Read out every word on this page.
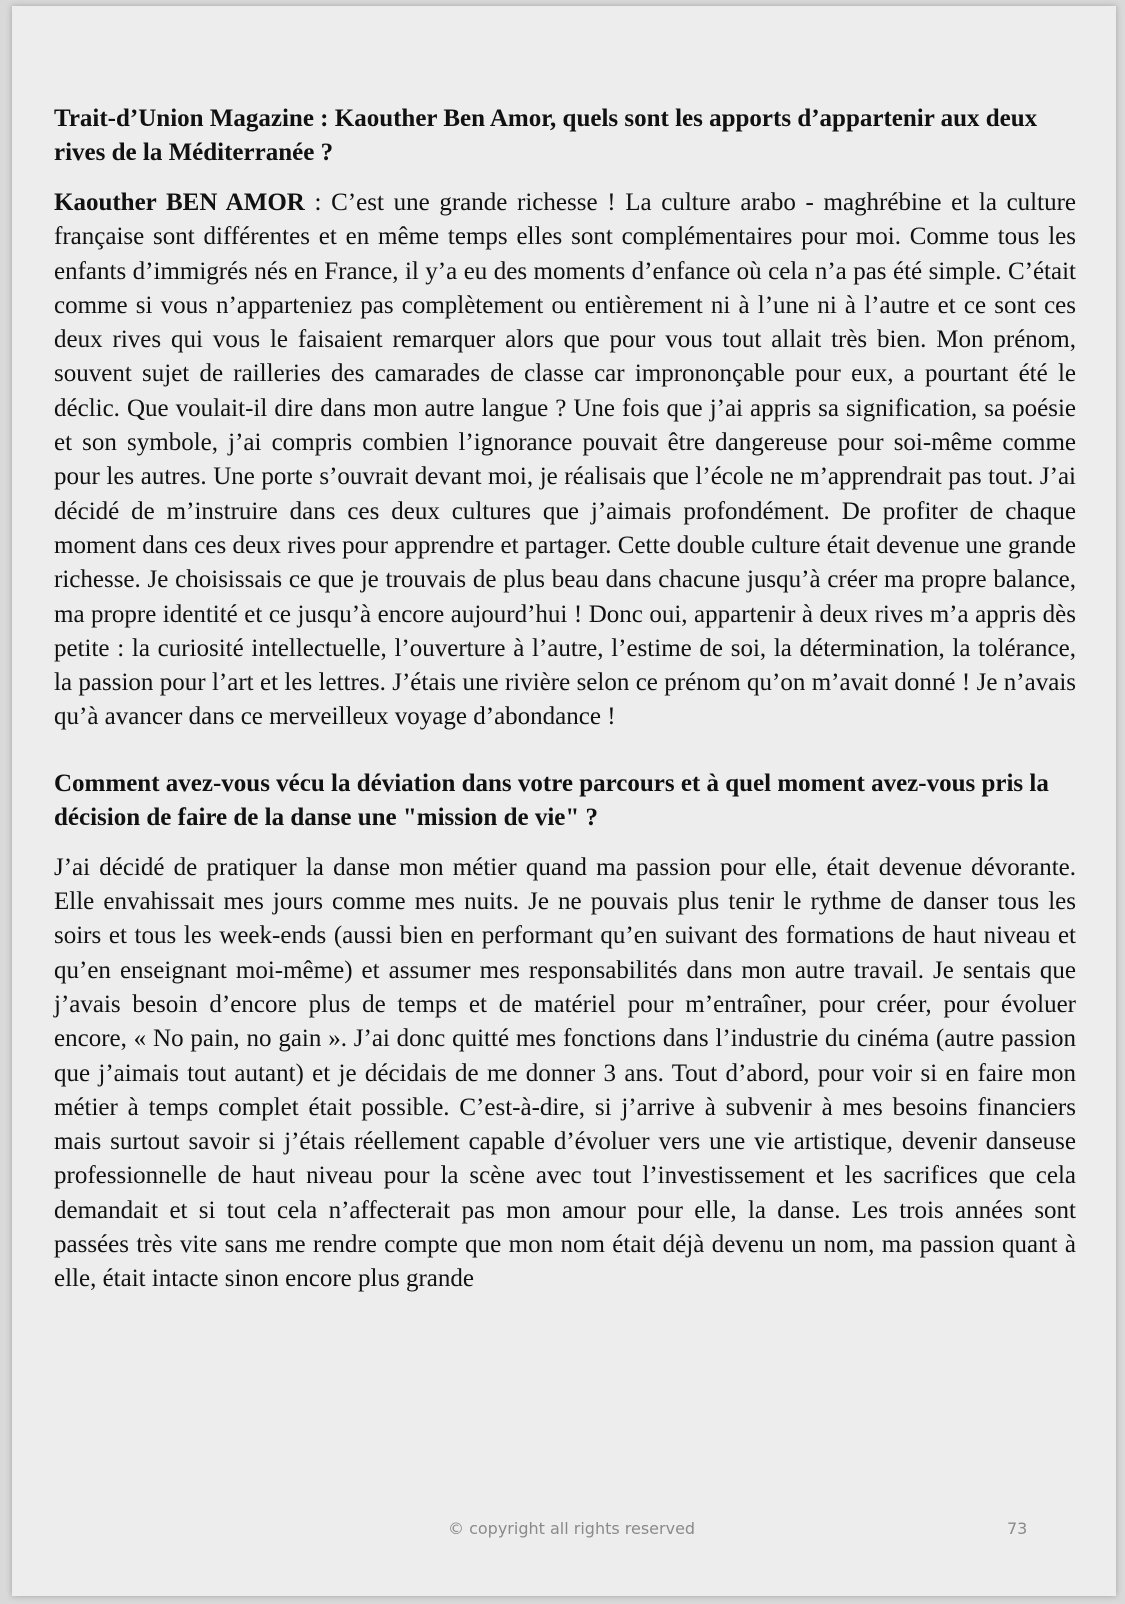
Trait-d’Union Magazine : Kaouther Ben Amor, quels sont les apports d’appartenir aux deux rives de la Méditerranée ?

Kaouther BEN AMOR : C’est une grande richesse ! La culture arabo - maghrébine et la culture française sont différentes et en même temps elles sont complémentaires pour moi. Comme tous les enfants d’immigrés nés en France, il y’a eu des moments d’enfance où cela n’a pas été simple. C’était comme si vous n’apparteniez pas complètement ou entièrement ni à l’une ni à l’autre et ce sont ces deux rives qui vous le faisaient remarquer alors que pour vous tout allait très bien. Mon prénom, souvent sujet de railleries des camarades de classe car imprononçable pour eux, a pourtant été le déclic. Que voulait-il dire dans mon autre langue ? Une fois que j’ai appris sa signification, sa poésie et son symbole, j’ai compris combien l’ignorance pouvait être dangereuse pour soi-même comme pour les autres. Une porte s’ouvrait devant moi, je réalisais que l’école ne m’apprendrait pas tout. J’ai décidé de m’instruire dans ces deux cultures que j’aimais profondément. De profiter de chaque moment dans ces deux rives pour apprendre et partager. Cette double culture était devenue une grande richesse. Je choisissais ce que je trouvais de plus beau dans chacune jusqu’à créer ma propre balance, ma propre identité et ce jusqu’à encore aujourd’hui ! Donc oui, appartenir à deux rives m’a appris dès petite : la curiosité intellectuelle, l’ouverture à l’autre, l’estime de soi, la détermination, la tolérance, la passion pour l’art et les lettres. J’étais une rivière selon ce prénom qu’on m’avait donné ! Je n’avais qu’à avancer dans ce merveilleux voyage d’abondance !

Comment avez-vous vécu la déviation dans votre parcours et à quel moment avez-vous pris la décision de faire de la danse une "mission de vie" ?

J’ai décidé de pratiquer la danse mon métier quand ma passion pour elle, était devenue dévorante. Elle envahissait mes jours comme mes nuits. Je ne pouvais plus tenir le rythme de danser tous les soirs et tous les week-ends (aussi bien en performant qu’en suivant des formations de haut niveau et qu’en enseignant moi-même) et assumer mes responsabilités dans mon autre travail. Je sentais que j’avais besoin d’encore plus de temps et de matériel pour m’entraîner, pour créer, pour évoluer encore, « No pain, no gain ». J’ai donc quitté mes fonctions dans l’industrie du cinéma (autre passion que j’aimais tout autant) et je décidais de me donner 3 ans. Tout d’abord, pour voir si en faire mon métier à temps complet était possible. C’est-à-dire, si j’arrive à subvenir à mes besoins financiers mais surtout savoir si j’étais réellement capable d’évoluer vers une vie artistique, devenir danseuse professionnelle de haut niveau pour la scène avec tout l’investissement et les sacrifices que cela demandait et si tout cela n’affecterait pas mon amour pour elle, la danse. Les trois années sont passées très vite sans me rendre compte que mon nom était déjà devenu un nom, ma passion quant à elle, était intacte sinon encore plus grande

© copyright all rights reserved	73
